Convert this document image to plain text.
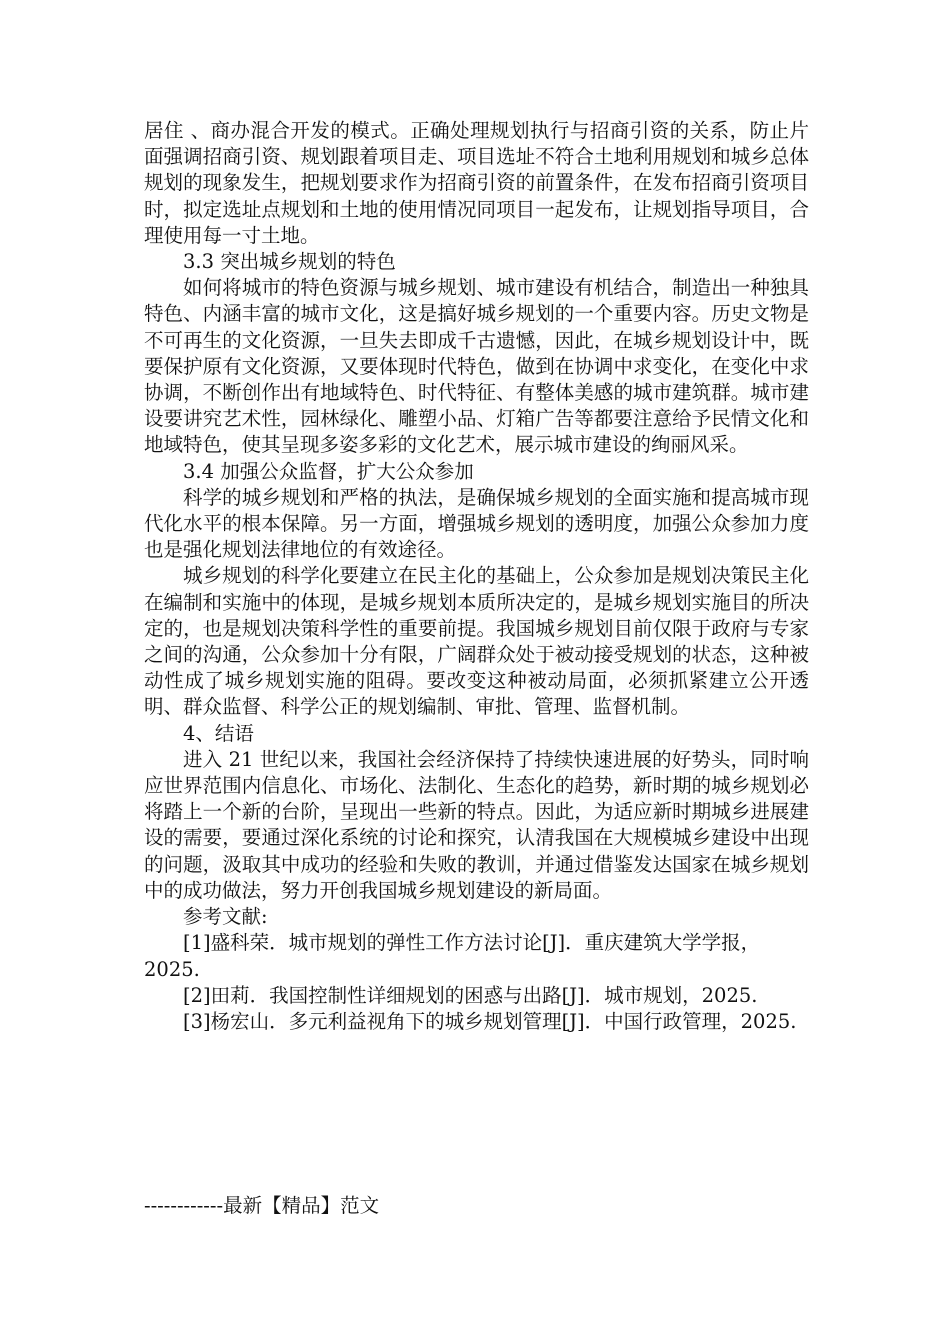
居住 、商办混合开发的模式。正确处理规划执行与招商引资的关系，防止片面强调招商引资、规划跟着项目走、项目选址不符合土地利用规划和城乡总体规划的现象发生，把规划要求作为招商引资的前置条件，在发布招商引资项目时，拟定选址点规划和土地的使用情况同项目一起发布，让规划指导项目，合理使用每一寸土地。

3.3 突出城乡规划的特色

如何将城市的特色资源与城乡规划、城市建设有机结合，制造出一种独具特色、内涵丰富的城市文化，这是搞好城乡规划的一个重要内容。历史文物是不可再生的文化资源，一旦失去即成千古遗憾，因此，在城乡规划设计中，既要保护原有文化资源，又要体现时代特色，做到在协调中求变化，在变化中求协调，不断创作出有地域特色、时代特征、有整体美感的城市建筑群。城市建设要讲究艺术性，园林绿化、雕塑小品、灯箱广告等都要注意给予民情文化和地域特色，使其呈现多姿多彩的文化艺术，展示城市建设的绚丽风采。

3.4 加强公众监督，扩大公众参加

科学的城乡规划和严格的执法，是确保城乡规划的全面实施和提高城市现代化水平的根本保障。另一方面，增强城乡规划的透明度，加强公众参加力度也是强化规划法律地位的有效途径。

城乡规划的科学化要建立在民主化的基础上，公众参加是规划决策民主化在编制和实施中的体现，是城乡规划本质所决定的，是城乡规划实施目的所决定的，也是规划决策科学性的重要前提。我国城乡规划目前仅限于政府与专家之间的沟通，公众参加十分有限，广阔群众处于被动接受规划的状态，这种被动性成了城乡规划实施的阻碍。要改变这种被动局面，必须抓紧建立公开透明、群众监督、科学公正的规划编制、审批、管理、监督机制。

4、结语

进入 21 世纪以来，我国社会经济保持了持续快速进展的好势头，同时响应世界范围内信息化、市场化、法制化、生态化的趋势，新时期的城乡规划必将踏上一个新的台阶，呈现出一些新的特点。因此，为适应新时期城乡进展建设的需要，要通过深化系统的讨论和探究，认清我国在大规模城乡建设中出现的问题，汲取其中成功的经验和失败的教训，并通过借鉴发达国家在城乡规划中的成功做法，努力开创我国城乡规划建设的新局面。

参考文献:

[1]盛科荣．城市规划的弹性工作方法讨论[J]．重庆建筑大学学报，2025.

[2]田莉．我国控制性详细规划的困惑与出路[J]．城市规划，2025.

[3]杨宏山．多元利益视角下的城乡规划管理[J]．中国行政管理，2025.

------------最新【精品】范文
